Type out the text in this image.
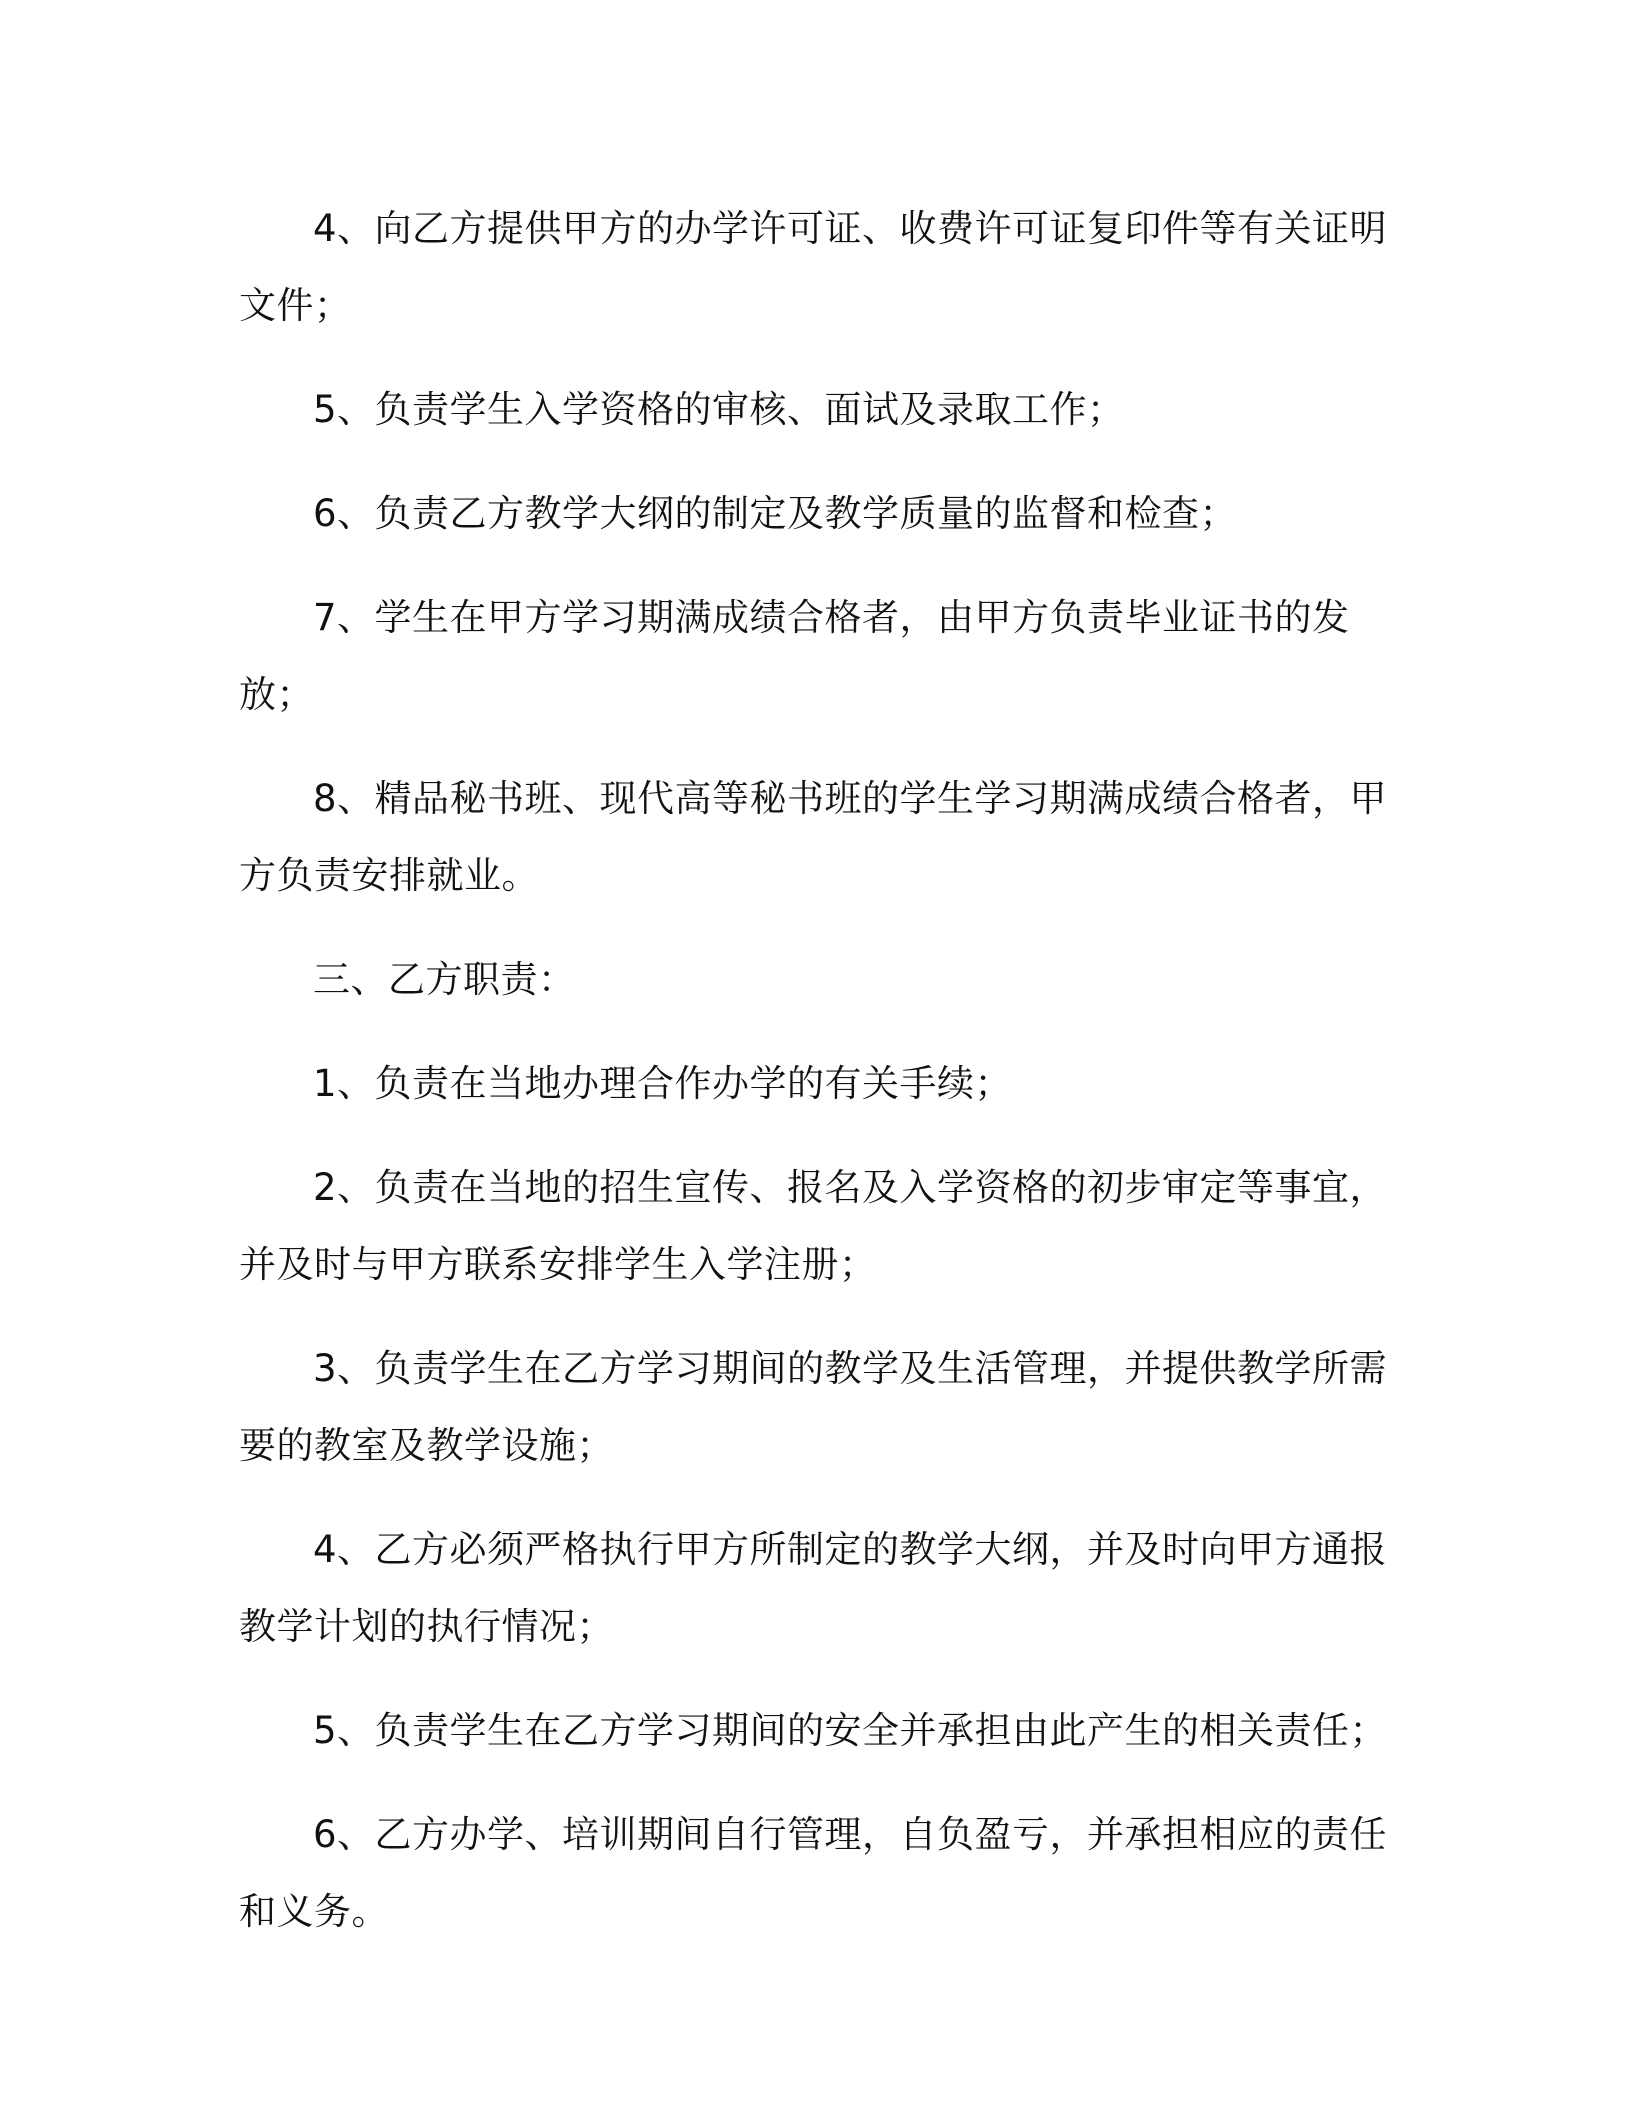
4、向乙方提供甲方的办学许可证、收费许可证复印件等有关证明文件；

5、负责学生入学资格的审核、面试及录取工作；

6、负责乙方教学大纲的制定及教学质量的监督和检查；

7、学生在甲方学习期满成绩合格者，由甲方负责毕业证书的发放；

8、精品秘书班、现代高等秘书班的学生学习期满成绩合格者，甲方负责安排就业。

三、乙方职责：

1、负责在当地办理合作办学的有关手续；

2、负责在当地的招生宣传、报名及入学资格的初步审定等事宜，并及时与甲方联系安排学生入学注册；

3、负责学生在乙方学习期间的教学及生活管理，并提供教学所需要的教室及教学设施；

4、乙方必须严格执行甲方所制定的教学大纲，并及时向甲方通报教学计划的执行情况；

5、负责学生在乙方学习期间的安全并承担由此产生的相关责任；

6、乙方办学、培训期间自行管理，自负盈亏，并承担相应的责任和义务。
